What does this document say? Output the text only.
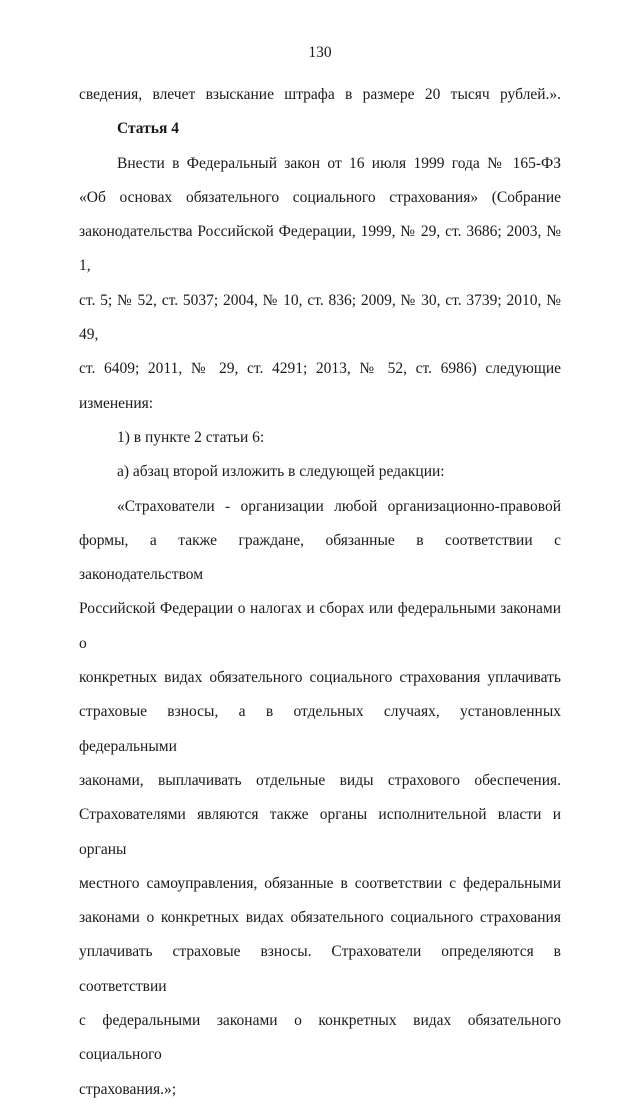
130
сведения, влечет взыскание штрафа в размере 20 тысяч рублей.».
Статья 4
Внести в Федеральный закон от 16 июля 1999 года № 165-ФЗ
«Об основах обязательного социального страхования» (Собрание
законодательства Российской Федерации, 1999, № 29, ст. 3686; 2003, № 1,
ст. 5; № 52, ст. 5037; 2004, № 10, ст. 836; 2009, № 30, ст. 3739; 2010, № 49,
ст. 6409; 2011, № 29, ст. 4291; 2013, № 52, ст. 6986) следующие изменения:
1) в пункте 2 статьи 6:
а) абзац второй изложить в следующей редакции:
«Страхователи - организации любой организационно-правовой
формы, а также граждане, обязанные в соответствии с законодательством
Российской Федерации о налогах и сборах или федеральными законами о
конкретных видах обязательного социального страхования уплачивать
страховые взносы, а в отдельных случаях, установленных федеральными
законами, выплачивать отдельные виды страхового обеспечения.
Страхователями являются также органы исполнительной власти и органы
местного самоуправления, обязанные в соответствии с федеральными
законами о конкретных видах обязательного социального страхования
уплачивать страховые взносы. Страхователи определяются в соответствии
с федеральными законами о конкретных видах обязательного социального
страхования.»;
